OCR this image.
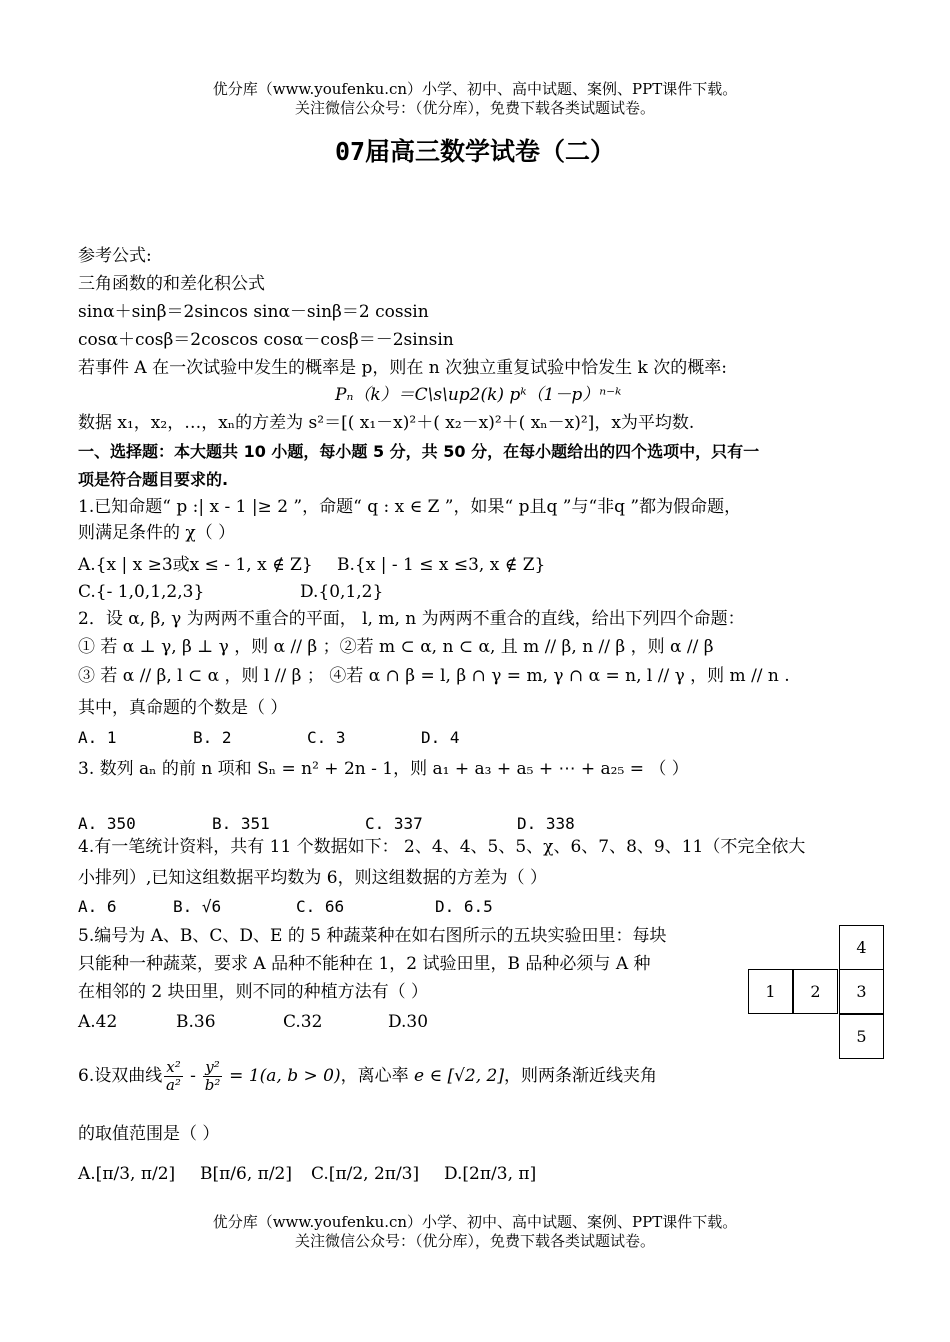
优分库（www.youfenku.cn）小学、初中、高中试题、案例、PPT课件下载。
关注微信公众号：（优分库），免费下载各类试题试卷。
07届高三数学试卷（二）
参考公式:
三角函数的和差化积公式
sinα＋sinβ＝2sincos sinα－sinβ＝2 cossin
cosα＋cosβ＝2coscos cosα－cosβ＝－2sinsin
若事件 A 在一次试验中发生的概率是 p，则在 n 次独立重复试验中恰发生 k 次的概率:
Pₙ（k）＝C\s\up2(k) pᵏ（1－p）ⁿ⁻ᵏ
数据 x₁，x₂，…，xₙ的方差为 s²＝[( x₁－x)²＋( x₂－x)²＋( xₙ－x)²]，x为平均数.
一、选择题：本大题共 10 小题，每小题 5 分，共 50 分，在每小题给出的四个选项中，只有一
项是符合题目要求的.
1.已知命题“ p :| x - 1 |≥ 2 ”，命题“ q : x ∈ Z ”，如果“ p且q ”与“非q ”都为假命题，
则满足条件的 χ（ ）
A.{x | x ≥3或x ≤ - 1, x ∉ Z} B.{x | - 1 ≤ x ≤3, x ∉ Z}
C.{- 1,0,1,2,3}	D.{0,1,2}
2．设 α, β, γ 为两两不重合的平面， l, m, n 为两两不重合的直线，给出下列四个命题：
① 若 α ⊥ γ, β ⊥ γ ，则 α // β ；②若 m ⊂ α, n ⊂ α, 且 m // β, n // β ，则 α // β
③ 若 α // β, l ⊂ α ，则 l // β ； ④若 α ∩ β = l, β ∩ γ = m, γ ∩ α = n, l // γ ，则 m // n .
其中，真命题的个数是（ ）
A. 1	B. 2	C. 3	D. 4
3. 数列 aₙ 的前 n 项和 Sₙ = n² + 2n - 1，则 a₁ + a₃ + a₅ + ⋯ + a₂₅ = （ ）
A. 350	B. 351	C. 337	D. 338
4.有一笔统计资料，共有 11 个数据如下： 2、4、4、5、5、χ、6、7、8、9、11（不完全依大
小排列）,已知这组数据平均数为 6，则这组数据的方差为（ ）
A. 6	B. √6	C. 66	D. 6.5
5.编号为 A、B、C、D、E 的 5 种蔬菜种在如右图所示的五块实验田里：每块
只能种一种蔬菜，要求 A 品种不能种在 1，2 试验田里，B 品种必须与 A 种
在相邻的 2 块田里，则不同的种植方法有（ ）
A.42	B.36	C.32	D.30
4
1	2	3
5
6.设双曲线 $\frac{\text{x²}}{\text{a²}} - \frac{\text{y²}}{\text{b²}} = 1(a$, b > 0)，离心率 e ∈ [√2, 2]，则两条渐近线夹角
的取值范围是（ ）
A.[π/3, π/2] B[π/6, π/2] C.[π/2, 2π/3] D.[2π/3, π]
优分库（www.youfenku.cn）小学、初中、高中试题、案例、PPT课件下载。
关注微信公众号：（优分库），免费下载各类试题试卷。
